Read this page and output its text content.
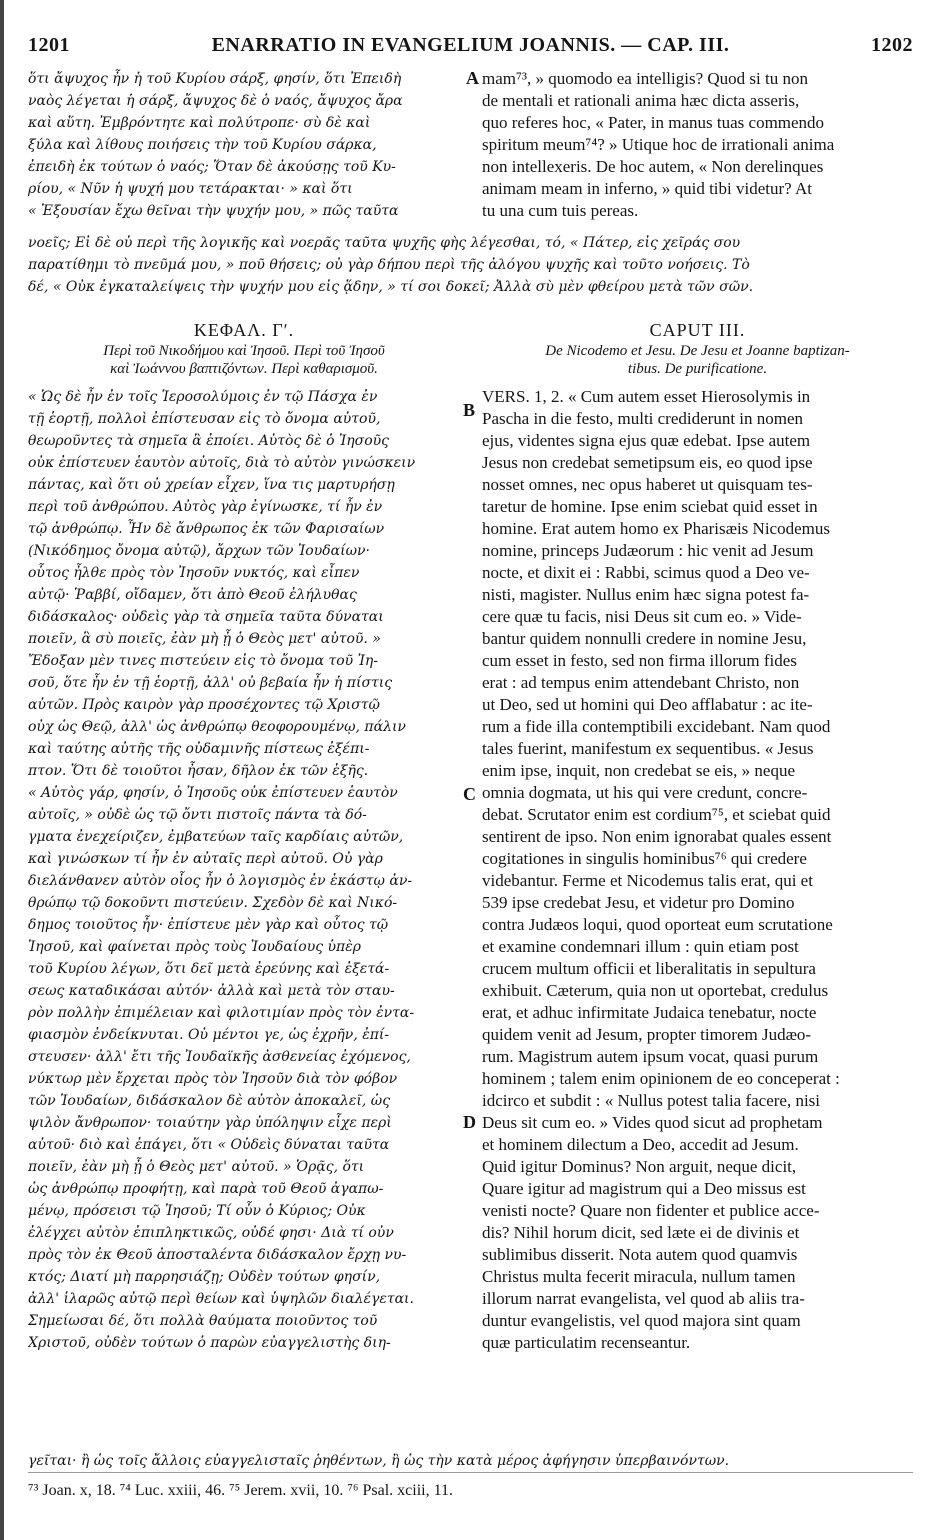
1201	ENARRATIO IN EVANGELIUM JOANNIS. — CAP. III.	1202
A
B
C
D
ὅτι ἄψυχος ἦν ἡ τοῦ Κυρίου σάρξ, φησίν, ὅτι Ἐπειδὴ
ναὸς λέγεται ἡ σάρξ, ἄψυχος δὲ ὁ ναός, ἄψυχος ἄρα
καὶ αὕτη. Ἐμβρόντητε καὶ πολύτροπε· σὺ δὲ καὶ
ξύλα καὶ λίθους ποιήσεις τὴν τοῦ Κυρίου σάρκα,
ἐπειδὴ ἐκ τούτων ὁ ναός; Ὅταν δὲ ἀκούσῃς τοῦ Κυ-
ρίου, « Νῦν ἡ ψυχή μου τετάρακται· » καὶ ὅτι
« Ἐξουσίαν ἔχω θεῖναι τὴν ψυχήν μου, » πῶς ταῦτα
mam⁷³, » quomodo ea intelligis? Quod si tu non
de mentali et rationali anima hæc dicta asseris,
quo referes hoc, « Pater, in manus tuas commendo
spiritum meum⁷⁴? » Utique hoc de irrationali anima
non intellexeris. De hoc autem, « Non derelinques
animam meam in inferno, » quid tibi videtur? At
tu una cum tuis pereas.
νοεῖς; Εἰ δὲ οὐ περὶ τῆς λογικῆς καὶ νοερᾶς ταῦτα ψυχῆς φὴς λέγεσθαι, τό, « Πάτερ, εἰς χεῖράς σου
παρατίθημι τὸ πνεῦμά μου, » ποῦ θήσεις; οὐ γὰρ δήπου περὶ τῆς ἀλόγου ψυχῆς καὶ τοῦτο νοήσεις. Τὸ
δέ, « Οὐκ ἐγκαταλείψεις τὴν ψυχήν μου εἰς ᾅδην, » τί σοι δοκεῖ; Ἀλλὰ σὺ μὲν φθείρου μετὰ τῶν σῶν.
ΚΕΦΑΛ. Γʹ.
Περὶ τοῦ Νικοδήμου καὶ Ἰησοῦ. Περὶ τοῦ Ἰησοῦ
καὶ Ἰωάννου βαπτιζόντων. Περὶ καθαρισμοῦ.
CAPUT III.
De Nicodemo et Jesu. De Jesu et Joanne baptizan-
tibus. De purificatione.
« Ὡς δὲ ἦν ἐν τοῖς Ἱεροσολύμοις ἐν τῷ Πάσχα ἐν
τῇ ἑορτῇ, πολλοὶ ἐπίστευσαν εἰς τὸ ὄνομα αὐτοῦ,
θεωροῦντες τὰ σημεῖα ἃ ἐποίει. Αὐτὸς δὲ ὁ Ἰησοῦς
οὐκ ἐπίστευεν ἑαυτὸν αὐτοῖς, διὰ τὸ αὐτὸν γινώσκειν
πάντας, καὶ ὅτι οὐ χρείαν εἶχεν, ἵνα τις μαρτυρήσῃ
περὶ τοῦ ἀνθρώπου. Αὐτὸς γὰρ ἐγίνωσκε, τί ἦν ἐν
τῷ ἀνθρώπῳ. Ἦν δὲ ἄνθρωπος ἐκ τῶν Φαρισαίων
(Νικόδημος ὄνομα αὐτῷ), ἄρχων τῶν Ἰουδαίων·
οὗτος ἦλθε πρὸς τὸν Ἰησοῦν νυκτός, καὶ εἶπεν
αὐτῷ· Ῥαββί, οἴδαμεν, ὅτι ἀπὸ Θεοῦ ἐλήλυθας
διδάσκαλος· οὐδεὶς γὰρ τὰ σημεῖα ταῦτα δύναται
ποιεῖν, ἃ σὺ ποιεῖς, ἐὰν μὴ ᾖ ὁ Θεὸς μετ' αὐτοῦ. »
Ἔδοξαν μὲν τινες πιστεύειν εἰς τὸ ὄνομα τοῦ Ἰη-
σοῦ, ὅτε ἦν ἐν τῇ ἑορτῇ, ἀλλ' οὐ βεβαία ἦν ἡ πίστις
αὐτῶν. Πρὸς καιρὸν γὰρ προσέχοντες τῷ Χριστῷ
οὐχ ὡς Θεῷ, ἀλλ' ὡς ἀνθρώπῳ θεοφορουμένῳ, πάλιν
καὶ ταύτης αὐτῆς τῆς οὐδαμινῆς πίστεως ἐξέπι-
πτον. Ὅτι δὲ τοιοῦτοι ἦσαν, δῆλον ἐκ τῶν ἑξῆς.
« Αὐτὸς γάρ, φησίν, ὁ Ἰησοῦς οὐκ ἐπίστευεν ἑαυτὸν
αὐτοῖς, » οὐδὲ ὡς τῷ ὄντι πιστοῖς πάντα τὰ δό-
γματα ἐνεχείριζεν, ἐμβατεύων ταῖς καρδίαις αὐτῶν,
καὶ γινώσκων τί ἦν ἐν αὐταῖς περὶ αὐτοῦ. Οὐ γὰρ
διελάνθανεν αὐτὸν οἷος ἦν ὁ λογισμὸς ἐν ἑκάστῳ ἀν-
θρώπῳ τῷ δοκοῦντι πιστεύειν. Σχεδὸν δὲ καὶ Νικό-
δημος τοιοῦτος ἦν· ἐπίστευε μὲν γὰρ καὶ οὗτος τῷ
Ἰησοῦ, καὶ φαίνεται πρὸς τοὺς Ἰουδαίους ὑπὲρ
τοῦ Κυρίου λέγων, ὅτι δεῖ μετὰ ἐρεύνης καὶ ἐξετά-
σεως καταδικάσαι αὐτόν· ἀλλὰ καὶ μετὰ τὸν σταυ-
ρὸν πολλὴν ἐπιμέλειαν καὶ φιλοτιμίαν πρὸς τὸν ἐντα-
φιασμὸν ἐνδείκνυται. Οὐ μέντοι γε, ὡς ἐχρῆν, ἐπί-
στευσεν· ἀλλ' ἔτι τῆς Ἰουδαϊκῆς ἀσθενείας ἐχόμενος,
νύκτωρ μὲν ἔρχεται πρὸς τὸν Ἰησοῦν διὰ τὸν φόβον
τῶν Ἰουδαίων, διδάσκαλον δὲ αὐτὸν ἀποκαλεῖ, ὡς
ψιλὸν ἄνθρωπον· τοιαύτην γὰρ ὑπόληψιν εἶχε περὶ
αὐτοῦ· διὸ καὶ ἐπάγει, ὅτι « Οὐδεὶς δύναται ταῦτα
ποιεῖν, ἐὰν μὴ ᾖ ὁ Θεὸς μετ' αὐτοῦ. » Ὁρᾷς, ὅτι
ὡς ἀνθρώπῳ προφήτῃ, καὶ παρὰ τοῦ Θεοῦ ἀγαπω-
μένῳ, πρόσεισι τῷ Ἰησοῦ; Τί οὖν ὁ Κύριος; Οὐκ
ἐλέγχει αὐτὸν ἐπιπληκτικῶς, οὐδέ φησι· Διὰ τί οὐν
πρὸς τὸν ἐκ Θεοῦ ἀποσταλέντα διδάσκαλον ἔρχῃ νυ-
κτός; Διατί μὴ παρρησιάζῃ; Οὐδὲν τούτων φησίν,
ἀλλ' ἱλαρῶς αὐτῷ περὶ θείων καὶ ὑψηλῶν διαλέγεται.
Σημείωσαι δέ, ὅτι πολλὰ θαύματα ποιοῦντος τοῦ
Χριστοῦ, οὐδὲν τούτων ὁ παρὼν εὐαγγελιστὴς διη-
VERS. 1, 2. « Cum autem esset Hierosolymis in
Pascha in die festo, multi crediderunt in nomen
ejus, videntes signa ejus quæ edebat. Ipse autem
Jesus non credebat semetipsum eis, eo quod ipse
nosset omnes, nec opus haberet ut quisquam tes-
taretur de homine. Ipse enim sciebat quid esset in
homine. Erat autem homo ex Pharisæis Nicodemus
nomine, princeps Judæorum : hic venit ad Jesum
nocte, et dixit ei : Rabbi, scimus quod a Deo ve-
nisti, magister. Nullus enim hæc signa potest fa-
cere quæ tu facis, nisi Deus sit cum eo. » Vide-
bantur quidem nonnulli credere in nomine Jesu,
cum esset in festo, sed non firma illorum fides
erat : ad tempus enim attendebant Christo, non
ut Deo, sed ut homini qui Deo afflabatur : ac ite-
rum a fide illa contemptibili excidebant. Nam quod
tales fuerint, manifestum ex sequentibus. « Jesus
enim ipse, inquit, non credebat se eis, » neque
omnia dogmata, ut his qui vere credunt, concre-
debat. Scrutator enim est cordium⁷⁵, et sciebat quid
sentirent de ipso. Non enim ignorabat quales essent
cogitationes in singulis hominibus⁷⁶ qui credere
videbantur. Ferme et Nicodemus talis erat, qui et
539 ipse credebat Jesu, et videtur pro Domino
contra Judæos loqui, quod oporteat eum scrutatione
et examine condemnari illum : quin etiam post
crucem multum officii et liberalitatis in sepultura
exhibuit. Cæterum, quia non ut oportebat, credulus
erat, et adhuc infirmitate Judaica tenebatur, nocte
quidem venit ad Jesum, propter timorem Judæo-
rum. Magistrum autem ipsum vocat, quasi purum
hominem ; talem enim opinionem de eo conceperat :
idcirco et subdit : « Nullus potest talia facere, nisi
Deus sit cum eo. » Vides quod sicut ad prophetam
et hominem dilectum a Deo, accedit ad Jesum.
Quid igitur Dominus? Non arguit, neque dicit,
Quare igitur ad magistrum qui a Deo missus est
venisti nocte? Quare non fidenter et publice acce-
dis? Nihil horum dicit, sed læte ei de divinis et
sublimibus disserit. Nota autem quod quamvis
Christus multa fecerit miracula, nullum tamen
illorum narrat evangelista, vel quod ab aliis tra-
duntur evangelistis, vel quod majora sint quam
quæ particulatim recenseantur.
γεῖται· ἢ ὡς τοῖς ἄλλοις εὐαγγελισταῖς ῥηθέντων, ἢ ὡς τὴν κατὰ μέρος ἀφήγησιν ὑπερβαινόντων.
⁷³ Joan. x, 18. ⁷⁴ Luc. xxiii, 46. ⁷⁵ Jerem. xvii, 10. ⁷⁶ Psal. xciii, 11.
